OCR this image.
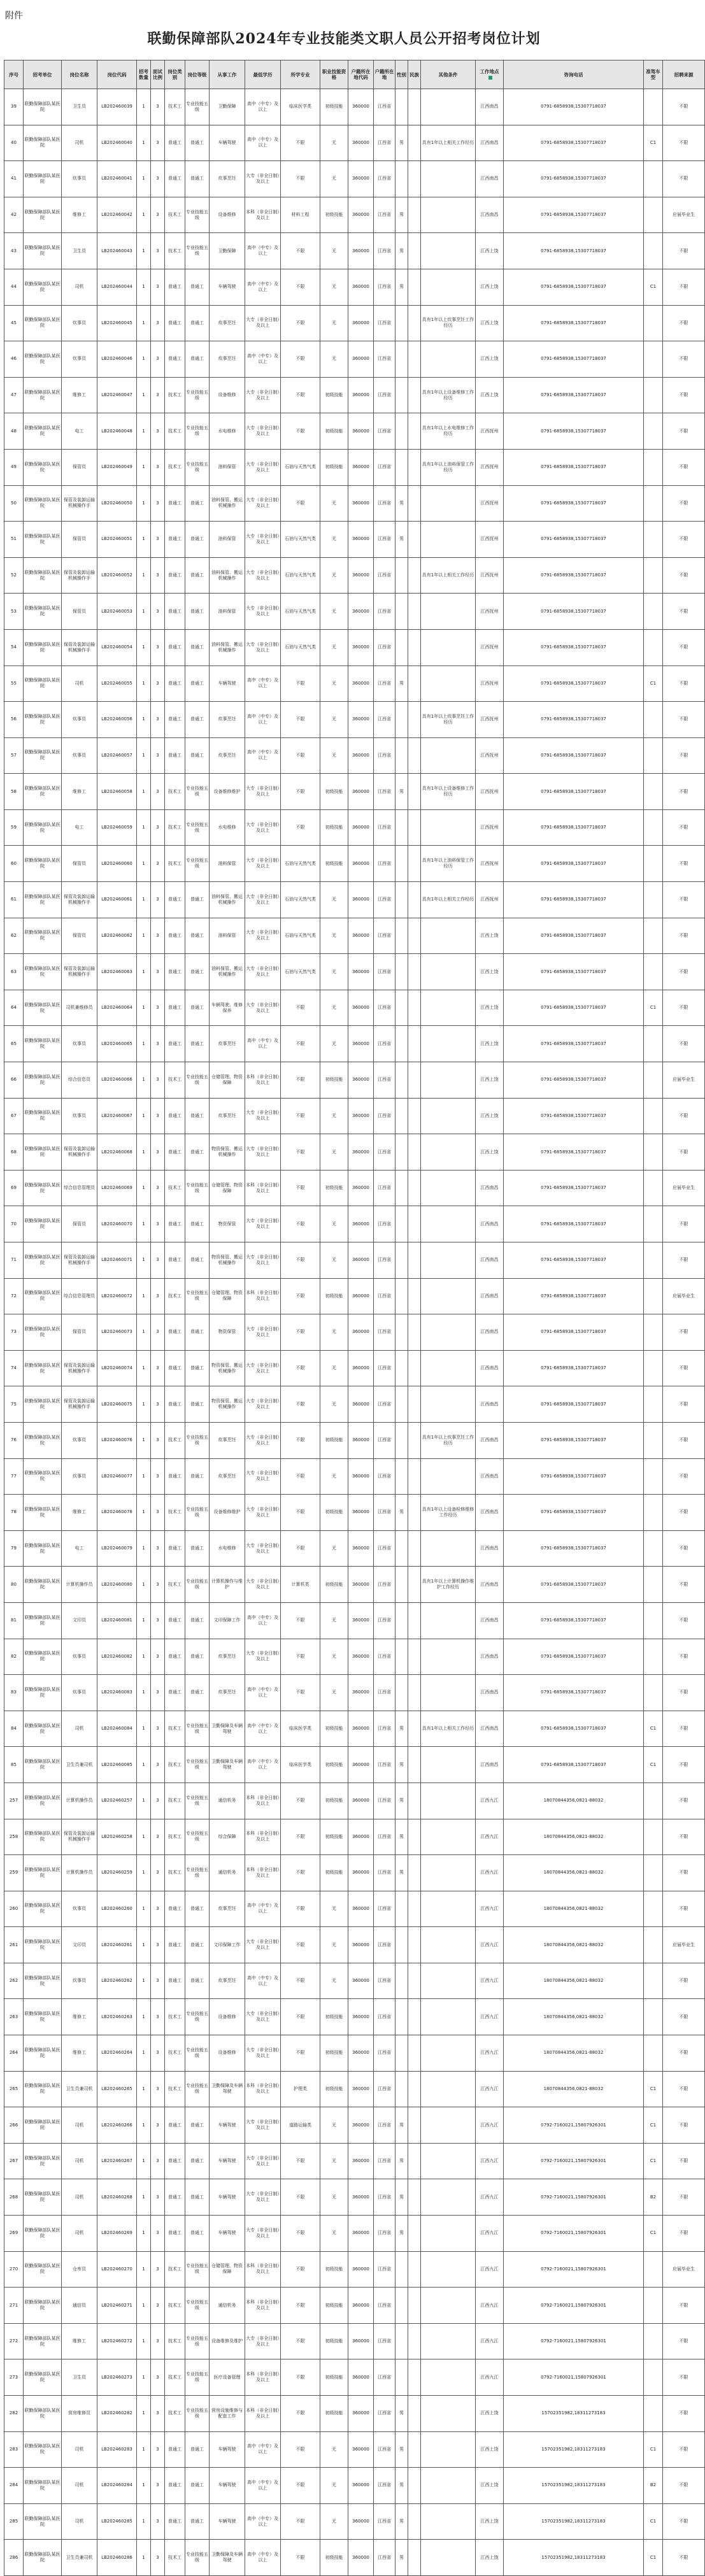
附件
联勤保障部队2024年专业技能类文职人员公开招考岗位计划
序号	招考单位	岗位名称	岗位代码	招考数量	面试比例	岗位类别	岗位等级	从事工作	最低学历	所学专业	职业技能资格	户籍所在地代码	户籍所在地	性别	民族	其他条件	工作地点	咨询电话	准驾车型	招聘来源
39	联勤保障部队某医院	卫生员	LB202460039	1	3	技术工	专业技能五级	卫勤保障	高中（中专）及以上	临床医学类	初级技能	360000	江西省				江西南昌	0791-6858938,15307718037		不限
40	联勤保障部队某医院	司机	LB202460040	1	3	普通工	普通工	车辆驾驶	高中（中专）及以上	不限	无	360000	江西省	男		具有1年以上相关工作经历	江西南昌	0791-6858938,15307718037	C1	不限
41	联勤保障部队某医院	炊事员	LB202460041	1	3	普通工	普通工	炊事烹饪	大专（非全日制）及以上	不限	无	360000	江西省				江西南昌	0791-6858938,15307718037		不限
42	联勤保障部队某医院	维修工	LB202460042	1	3	技术工	专业技能五级	设备维修	本科（非全日制）及以上	材料工程	初级技能	360000	江西省	男			江西南昌	0791-6858938,15307718037		应届毕业生
43	联勤保障部队某医院	卫生员	LB202460043	1	3	技术工	专业技能五级	卫勤保障	高中（中专）及以上	不限	无	360000	江西省	男			江西上饶	0791-6858938,15307718037		不限
44	联勤保障部队某医院	司机	LB202460044	1	3	普通工	普通工	车辆驾驶	高中（中专）及以上	不限	无	360000	江西省	男			江西上饶	0791-6858938,15307718037	C1	不限
45	联勤保障部队某医院	炊事员	LB202460045	1	3	普通工	普通工	炊事烹饪	大专（非全日制）及以上	不限	无	360000	江西省			具有1年以上炊事烹饪工作经历	江西上饶	0791-6858938,15307718037		不限
46	联勤保障部队某医院	炊事员	LB202460046	1	3	普通工	普通工	炊事烹饪	高中（中专）及以上	不限	无	360000	江西省				江西上饶	0791-6858938,15307718037		不限
47	联勤保障部队某医院	维修工	LB202460047	1	3	技术工	专业技能五级	设备维修	大专（非全日制）及以上	不限	初级技能	360000	江西省			具有1年以上设备维修工作经历	江西上饶	0791-6858938,15307718037		不限
48	联勤保障部队某医院	电工	LB202460048	1	3	技术工	专业技能五级	水电维修	大专（非全日制）及以上	不限	初级技能	360000	江西省			具有1年以上水电维修工作经历	江西抚州	0791-6858938,15307718037		不限
49	联勤保障部队某医院	保管员	LB202460049	1	3	技术工	专业技能五级	油料保管	大专（非全日制）及以上	石油与天然气类	初级技能	360000	江西省			具有1年以上油料保管工作经历	江西抚州	0791-6858938,15307718037		不限
50	联勤保障部队某医院	保管及装卸运输机械操作手	LB202460050	1	3	普通工	普通工	油料保管、搬运机械操作	大专（非全日制）及以上	不限	无	360000	江西省	男			江西抚州	0791-6858938,15307718037		不限
51	联勤保障部队某医院	保管员	LB202460051	1	3	普通工	普通工	油料保管	大专（非全日制）及以上	石油与天然气类	无	360000	江西省	男			江西抚州	0791-6858938,15307718037		不限
52	联勤保障部队某医院	保管及装卸运输机械操作手	LB202460052	1	3	普通工	普通工	油料保管、搬运机械操作	大专（非全日制）及以上	石油与天然气类	无	360000	江西省			具有1年以上相关工作经历	江西抚州	0791-6858938,15307718037		不限
53	联勤保障部队某医院	保管员	LB202460053	1	3	普通工	普通工	油料保管	大专（非全日制）及以上	石油与天然气类	无	360000	江西省				江西抚州	0791-6858938,15307718037		不限
54	联勤保障部队某医院	保管及装卸运输机械操作手	LB202460054	1	3	普通工	普通工	油料保管、搬运机械操作	大专（非全日制）及以上	石油与天然气类	无	360000	江西省				江西抚州	0791-6858938,15307718037		不限
55	联勤保障部队某医院	司机	LB202460055	1	3	普通工	普通工	车辆驾驶	高中（中专）及以上	不限	无	360000	江西省	男			江西抚州	0791-6858938,15307718037	C1	不限
56	联勤保障部队某医院	炊事员	LB202460056	1	3	普通工	普通工	炊事烹饪	高中（中专）及以上	不限	无	360000	江西省			具有1年以上炊事烹饪工作经历	江西抚州	0791-6858938,15307718037		不限
57	联勤保障部队某医院	炊事员	LB202460057	1	3	普通工	普通工	炊事烹饪	高中（中专）及以上	不限	无	360000	江西省				江西抚州	0791-6858938,15307718037		不限
58	联勤保障部队某医院	维修工	LB202460058	1	3	技术工	专业技能五级	设备维修维护	大专（非全日制）及以上	不限	初级技能	360000	江西省	男		具有1年以上设备维修工作经历	江西抚州	0791-6858938,15307718037		不限
59	联勤保障部队某医院	电工	LB202460059	1	3	技术工	专业技能五级	水电维修	大专（非全日制）及以上	不限	初级技能	360000	江西省				江西抚州	0791-6858938,15307718037		不限
60	联勤保障部队某医院	保管员	LB202460060	1	3	技术工	专业技能五级	油料保管	大专（非全日制）及以上	石油与天然气类	初级技能	360000	江西省			具有1年以上油料保管工作经历	江西抚州	0791-6858938,15307718037		不限
61	联勤保障部队某医院	保管及装卸运输机械操作手	LB202460061	1	3	普通工	普通工	油料保管、搬运机械操作	大专（非全日制）及以上	石油与天然气类	无	360000	江西省			具有1年以上相关工作经历	江西抚州	0791-6858938,15307718037		不限
62	联勤保障部队某医院	保管员	LB202460062	1	3	普通工	普通工	油料保管	大专（非全日制）及以上	石油与天然气类	无	360000	江西省				江西上饶	0791-6858938,15307718037		不限
63	联勤保障部队某医院	保管及装卸运输机械操作手	LB202460063	1	3	普通工	普通工	油料保管、搬运机械操作	大专（非全日制）及以上	石油与天然气类	无	360000	江西省				江西上饶	0791-6858938,15307718037		不限
64	联勤保障部队某医院	司机兼维修员	LB202460064	1	3	普通工	普通工	车辆驾驶、维修保养	大专（非全日制）及以上	不限	无	360000	江西省				江西上饶	0791-6858938,15307718037	C1	不限
65	联勤保障部队某医院	炊事员	LB202460065	1	3	普通工	普通工	炊事烹饪	高中（中专）及以上	不限	无	360000	江西省				江西上饶	0791-6858938,15307718037		不限
66	联勤保障部队某医院	综合信息员	LB202460066	1	3	技术工	专业技能五级	仓储管理、物资保障	本科（非全日制）及以上	不限	初级技能	360000	江西省				江西上饶	0791-6858938,15307718037		应届毕业生
67	联勤保障部队某医院	炊事员	LB202460067	1	3	普通工	普通工	炊事烹饪	大专（非全日制）及以上	不限	无	360000	江西省				江西上饶	0791-6858938,15307718037		不限
68	联勤保障部队某医院	保管及装卸运输机械操作手	LB202460068	1	3	普通工	普通工	物资保管、搬运机械操作	大专（非全日制）及以上	不限	无	360000	江西省				江西上饶	0791-6858938,15307718037		不限
69	联勤保障部队某医院	综合信息管理员	LB202460069	1	3	技术工	专业技能五级	仓储管理、物资保障	本科（非全日制）及以上	不限	初级技能	360000	江西省				江西南昌	0791-6858938,15307718037		应届毕业生
70	联勤保障部队某医院	保管员	LB202460070	1	3	普通工	普通工	物资保管	大专（非全日制）及以上	不限	无	360000	江西省				江西南昌	0791-6858938,15307718037		不限
71	联勤保障部队某医院	保管及装卸运输机械操作手	LB202460071	1	3	普通工	普通工	物资保管、搬运机械操作	大专（非全日制）及以上	不限	无	360000	江西省				江西南昌	0791-6858938,15307718037		不限
72	联勤保障部队某医院	综合信息管理员	LB202460072	1	3	技术工	专业技能五级	仓储管理、物资保障	本科（非全日制）及以上	不限	初级技能	360000	江西省				江西南昌	0791-6858938,15307718037		应届毕业生
73	联勤保障部队某医院	保管员	LB202460073	1	3	普通工	普通工	物资保管	大专（非全日制）及以上	不限	无	360000	江西省				江西南昌	0791-6858938,15307718037		不限
74	联勤保障部队某医院	保管及装卸运输机械操作手	LB202460074	1	3	普通工	普通工	物资保管、搬运机械操作	大专（非全日制）及以上	不限	无	360000	江西省				江西南昌	0791-6858938,15307718037		不限
75	联勤保障部队某医院	保管及装卸运输机械操作手	LB202460075	1	3	普通工	普通工	物资保管、搬运机械操作	大专（非全日制）及以上	不限	无	360000	江西省				江西南昌	0791-6858938,15307718037		不限
76	联勤保障部队某医院	炊事员	LB202460076	1	3	技术工	专业技能五级	炊事烹饪	大专（非全日制）及以上	不限	初级技能	360000	江西省			具有1年以上炊事烹饪工作经历	江西南昌	0791-6858938,15307718037		不限
77	联勤保障部队某医院	炊事员	LB202460077	1	3	普通工	普通工	炊事烹饪	大专（非全日制）及以上	不限	无	360000	江西省				江西南昌	0791-6858938,15307718037		不限
78	联勤保障部队某医院	维修工	LB202460078	1	3	技术工	专业技能五级	设备维修维护	大专（非全日制）及以上	不限	初级技能	360000	江西省	男		具有1年以上设备检修维修工作经历	江西南昌	0791-6858938,15307718037		不限
79	联勤保障部队某医院	电工	LB202460079	1	3	普通工	普通工	水电维修	大专（非全日制）及以上	不限	无	360000	江西省				江西南昌	0791-6858938,15307718037		不限
80	联勤保障部队某医院	计算机操作员	LB202460080	1	3	技术工	专业技能五级	计算机操作与维护	大专（非全日制）及以上	计算机类	初级技能	360000	江西省			具有1年以上计算机操作维护工作经历	江西南昌	0791-6858938,15307718037		不限
81	联勤保障部队某医院	文印员	LB202460081	1	3	普通工	普通工	文印保障工作	高中（中专）及以上	不限	无	360000	江西省				江西南昌	0791-6858938,15307718037		不限
82	联勤保障部队某医院	炊事员	LB202460082	1	3	普通工	普通工	炊事烹饪	大专（非全日制）及以上	不限	无	360000	江西省				江西南昌	0791-6858938,15307718037		不限
83	联勤保障部队某医院	炊事员	LB202460083	1	3	普通工	普通工	炊事烹饪	高中（中专）及以上	不限	无	360000	江西省				江西南昌	0791-6858938,15307718037		不限
84	联勤保障部队某医院	司机	LB202460084	1	3	技术工	专业技能五级	卫勤保障及车辆驾驶	高中（中专）及以上	临床医学类	初级技能	360000	江西省	男		具有1年以上相关工作经历	江西南昌	0791-6858938,15307718037	C1	不限
85	联勤保障部队某医院	卫生员兼司机	LB202460085	1	3	技术工	专业技能五级	卫勤保障及车辆驾驶	高中（中专）及以上	临床医学类	初级技能	360000	江西省	男			江西南昌	0791-6858938,15307718037	C1	不限
257	联勤保障部队某医院	计算机操作员	LB202460257	1	3	技术工	专业技能五级	通信机务	本科（非全日制）及以上	不限	初级技能	360000	江西省	男			江西九江	18070844356,0821-88032		不限
258	联勤保障部队某医院	保管及装卸运输机械操作手	LB202460258	1	3	技术工	专业技能五级	综合保障	本科（非全日制）及以上	不限	初级技能	360000	江西省	男			江西九江	18070844356,0821-88032		不限
259	联勤保障部队某医院	计算机操作员	LB202460259	1	3	技术工	专业技能五级	通信机务	本科（非全日制）及以上	不限	初级技能	360000	江西省	男			江西九江	18070844356,0821-88032		不限
260	联勤保障部队某医院	炊事员	LB202460260	1	3	普通工	普通工	炊事烹饪	高中（中专）及以上	不限	无	360000	江西省				江西九江	18070844356,0821-88032		不限
261	联勤保障部队某医院	文印员	LB202460261	1	3	普通工	普通工	文印保障工作	大专（非全日制）及以上	不限	无	360000	江西省				江西九江	18070844356,0821-88032		应届毕业生
262	联勤保障部队某医院	炊事员	LB202460262	1	3	普通工	普通工	炊事烹饪	高中（中专）及以上	不限	无	360000	江西省				江西九江	18070844356,0821-88032		不限
263	联勤保障部队某医院	维修工	LB202460263	1	3	技术工	专业技能五级	设备维修	大专（非全日制）及以上	不限	初级技能	360000	江西省				江西九江	18070844356,0821-88032		不限
264	联勤保障部队某医院	维修工	LB202460264	1	3	技术工	专业技能五级	设备维修	大专（非全日制）及以上	不限	初级技能	360000	江西省				江西九江	18070844356,0821-88032		不限
265	联勤保障部队某医院	卫生员兼司机	LB202460265	1	3	技术工	专业技能五级	卫勤保障及车辆驾驶	本科（非全日制）及以上	护理类	初级技能	360000	江西省				江西九江	18070844356,0821-88032	C1	不限
266	联勤保障部队某医院	司机	LB202460266	1	3	普通工	普通工	车辆驾驶	大专（非全日制）及以上	道路运输类	无	360000	江西省	男			江西九江	0792-7160021,15807926301	C1	不限
267	联勤保障部队某医院	司机	LB202460267	1	3	普通工	普通工	车辆驾驶	大专（非全日制）及以上	不限	无	360000	江西省	男			江西九江	0792-7160021,15807926301	C1	不限
268	联勤保障部队某医院	司机	LB202460268	1	3	普通工	普通工	车辆驾驶	大专（非全日制）及以上	不限	无	360000	江西省	男			江西九江	0792-7160021,15807926301	B2	不限
269	联勤保障部队某医院	司机	LB202460269	1	3	普通工	普通工	车辆驾驶	大专（非全日制）及以上	不限	无	360000	江西省	男			江西九江	0792-7160021,15807926301	C1	不限
270	联勤保障部队某医院	仓库员	LB202460270	1	3	技术工	专业技能五级	仓储管理、物资保障	本科（非全日制）及以上	不限	初级技能	360000	江西省				江西九江	0792-7160021,15807926301		应届毕业生
271	联勤保障部队某医院	通信员	LB202460271	1	3	技术工	专业技能五级	通信机务	本科（非全日制）及以上	不限	初级技能	360000	江西省				江西九江	0792-7160021,15807926301		不限
272	联勤保障部队某医院	维修工	LB202460272	1	3	技术工	专业技能五级	设备维修及维护	大专（非全日制）及以上	不限	初级技能	360000	江西省				江西九江	0792-7160021,15807926301		不限
273	联勤保障部队某医院	卫生员	LB202460273	1	3	技术工	专业技能五级	医疗设备管理	本科（非全日制）及以上	不限	初级技能	360000	江西省				江西九江	0792-7160021,15807926301		不限
282	联勤保障部队某医院	营房维修员	LB202460282	1	3	技术工	专业技能五级	营房设施维修与配套工作	本科（非全日制）及以上	不限	初级技能	360000	江西省	男			江西上饶	15702351982,18311273183		不限
283	联勤保障部队某医院	司机	LB202460283	1	3	普通工	普通工	车辆驾驶	高中（中专）及以上	不限	无	360000	江西省	男			江西上饶	15702351982,18311273183	C1	不限
284	联勤保障部队某医院	司机	LB202460284	1	3	普通工	普通工	车辆驾驶	高中（中专）及以上	不限	无	360000	江西省	男			江西上饶	15702351982,18311273183	B2	不限
285	联勤保障部队某医院	司机	LB202460285	1	3	普通工	普通工	车辆驾驶	高中（中专）及以上	不限	无	360000	江西省	男			江西上饶	15702351982,18311273183	C1	不限
286	联勤保障部队某医院	卫生员兼司机	LB202460286	1	3	技术工	专业技能五级	卫勤保障及车辆驾驶	高中（中专）及以上	不限	初级技能	360000	江西省	男			江西上饶	15702351982,18311273183	C1	不限
